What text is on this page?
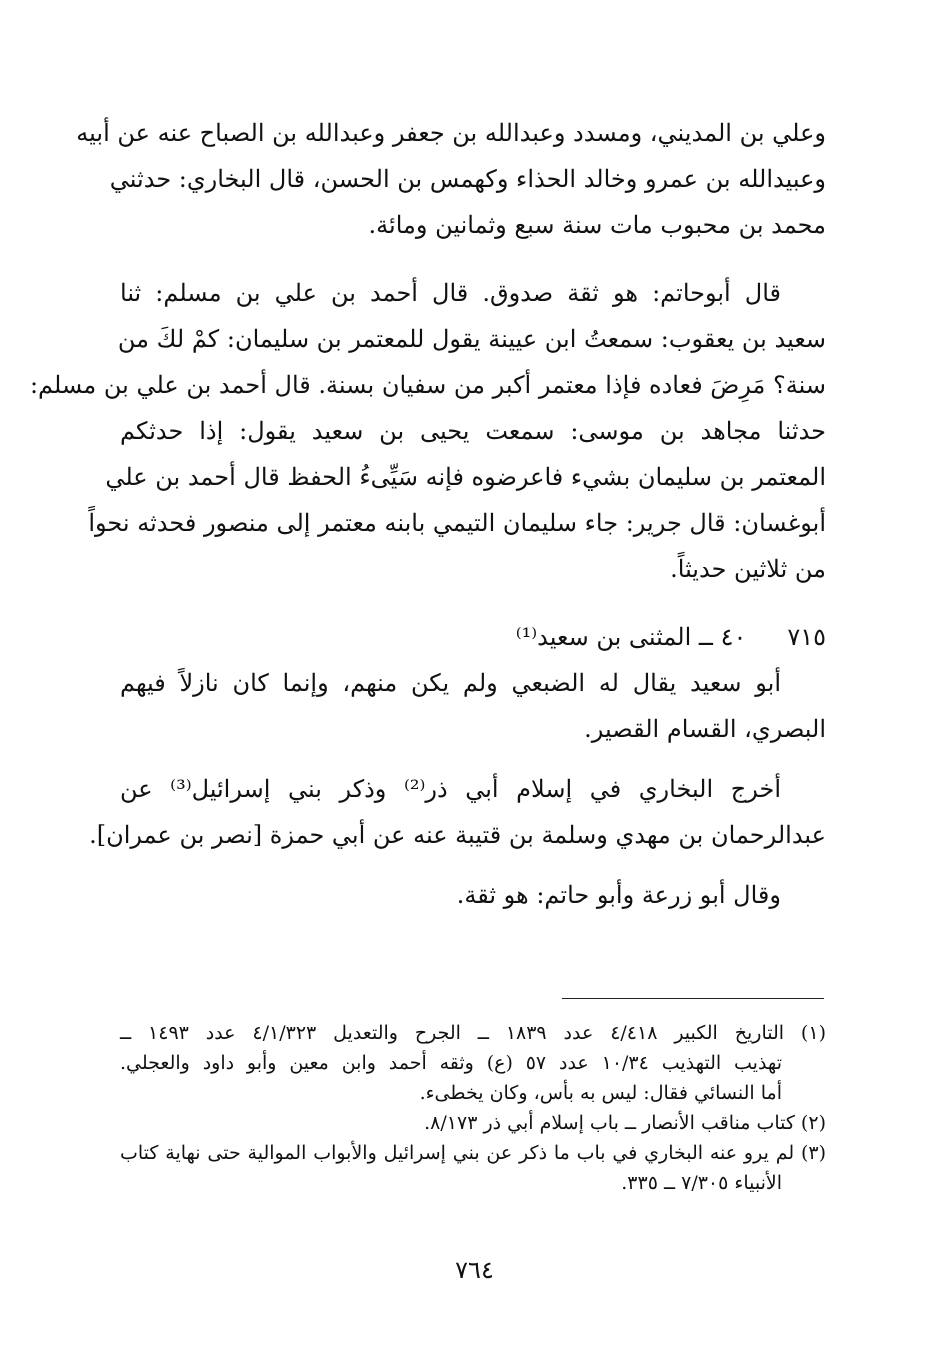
وعلي بن المديني، ومسدد وعبدالله بن جعفر وعبدالله بن الصباح عنه عن أبيه
وعبيدالله بن عمرو وخالد الحذاء وكهمس بن الحسن، قال البخاري: حدثني
محمد بن محبوب مات سنة سبع وثمانين ومائة.
قال أبوحاتم: هو ثقة صدوق. قال أحمد بن علي بن مسلم: ثنا
سعيد بن يعقوب: سمعتُ ابن عيينة يقول للمعتمر بن سليمان: كمْ لكَ من
سنة؟ مَرِضَ فعاده فإذا معتمر أكبر من سفيان بسنة. قال أحمد بن علي بن مسلم:
حدثنا مجاهد بن موسى: سمعت يحيى بن سعيد يقول: إذا حدثكم
المعتمر بن سليمان بشيء فاعرضوه فإنه سَيِّىءُ الحفظ قال أحمد بن علي
أبوغسان: قال جرير: جاء سليمان التيمي بابنه معتمر إلى منصور فحدثه نحواً
من ثلاثين حديثاً.
٧١٥ ٤٠ ــ المثنى بن سعيد⁽¹⁾
أبو سعيد يقال له الضبعي ولم يكن منهم، وإنما كان نازلاً فيهم
البصري، القسام القصير.
أخرج البخاري في إسلام أبي ذر⁽²⁾ وذكر بني إسرائيل⁽³⁾ عن
عبدالرحمان بن مهدي وسلمة بن قتيبة عنه عن أبي حمزة [نصر بن عمران].
وقال أبو زرعة وأبو حاتم: هو ثقة.
(١) التاريخ الكبير ٤/٤١٨ عدد ١٨٣٩ ــ الجرح والتعديل ٤/١/٣٢٣ عدد ١٤٩٣ ــ
تهذيب التهذيب ١٠/٣٤ عدد ٥٧ (ع) وثقه أحمد وابن معين وأبو داود والعجلي.
أما النسائي فقال: ليس به بأس، وكان يخطىء.
(٢) كتاب مناقب الأنصار ــ باب إسلام أبي ذر ٨/١٧٣.
(٣) لم يرو عنه البخاري في باب ما ذكر عن بني إسرائيل والأبواب الموالية حتى نهاية كتاب
الأنبياء ٧/٣٠٥ ــ ٣٣٥.
٧٦٤
